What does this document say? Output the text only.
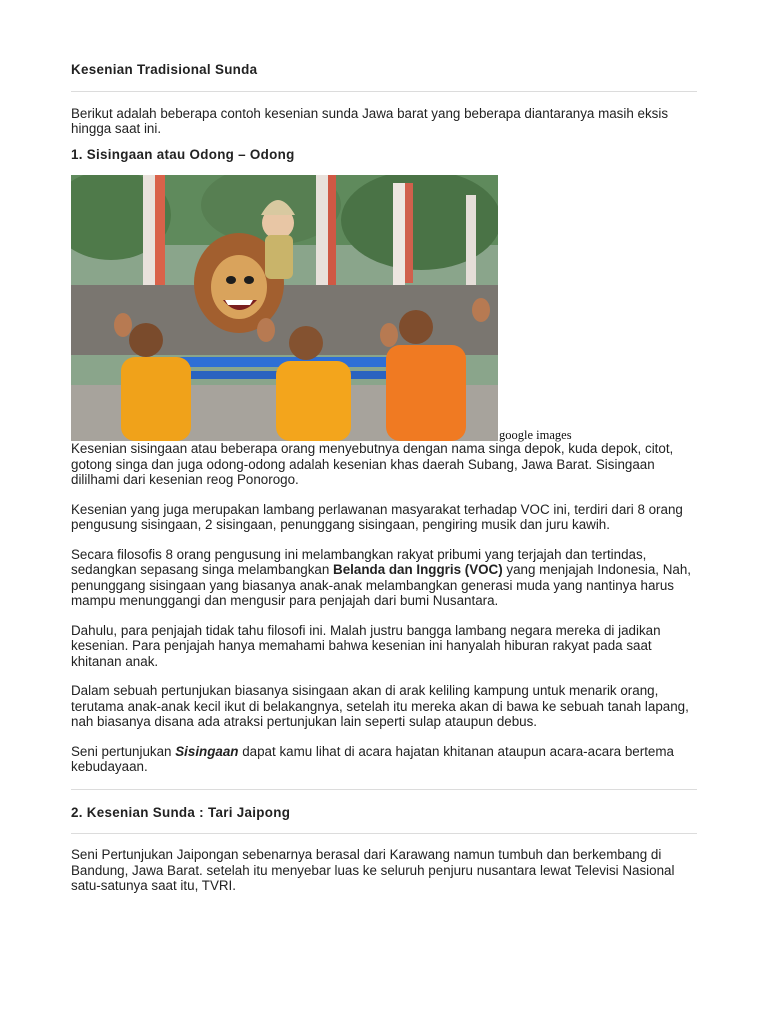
Kesenian Tradisional Sunda

Berikut adalah beberapa contoh kesenian sunda Jawa barat yang beberapa diantaranya masih eksis hingga saat ini.

1. Sisingaan atau Odong – Odong
google images

Kesenian sisingaan atau beberapa orang menyebutnya dengan nama singa depok, kuda depok, citot, gotong singa dan juga odong-odong adalah kesenian khas daerah Subang, Jawa Barat. Sisingaan dililhami dari kesenian reog Ponorogo.

Kesenian yang juga merupakan lambang perlawanan masyarakat terhadap VOC ini, terdiri dari 8 orang pengusung sisingaan, 2 sisingaan, penunggang sisingaan, pengiring musik dan juru kawih.

Secara filosofis 8 orang pengusung ini melambangkan rakyat pribumi yang terjajah dan tertindas, sedangkan sepasang singa melambangkan Belanda dan Inggris (VOC) yang menjajah Indonesia, Nah, penunggang sisingaan yang biasanya anak-anak melambangkan generasi muda yang nantinya harus mampu menunggangi dan mengusir para penjajah dari bumi Nusantara.

Dahulu, para penjajah tidak tahu filosofi ini. Malah justru bangga lambang negara mereka di jadikan kesenian. Para penjajah hanya memahami bahwa kesenian ini hanyalah hiburan rakyat pada saat khitanan anak.

Dalam sebuah pertunjukan biasanya sisingaan akan di arak keliling kampung untuk menarik orang, terutama anak-anak kecil ikut di belakangnya, setelah itu mereka akan di bawa ke sebuah tanah lapang, nah biasanya disana ada atraksi pertunjukan lain seperti sulap ataupun debus.

Seni pertunjukan Sisingaan dapat kamu lihat di acara hajatan khitanan ataupun acara-acara bertema kebudayaan.

2. Kesenian Sunda : Tari Jaipong

Seni Pertunjukan Jaipongan sebenarnya berasal dari Karawang namun tumbuh dan berkembang di Bandung, Jawa Barat. setelah itu menyebar luas ke seluruh penjuru nusantara lewat Televisi Nasional satu-satunya saat itu, TVRI.
